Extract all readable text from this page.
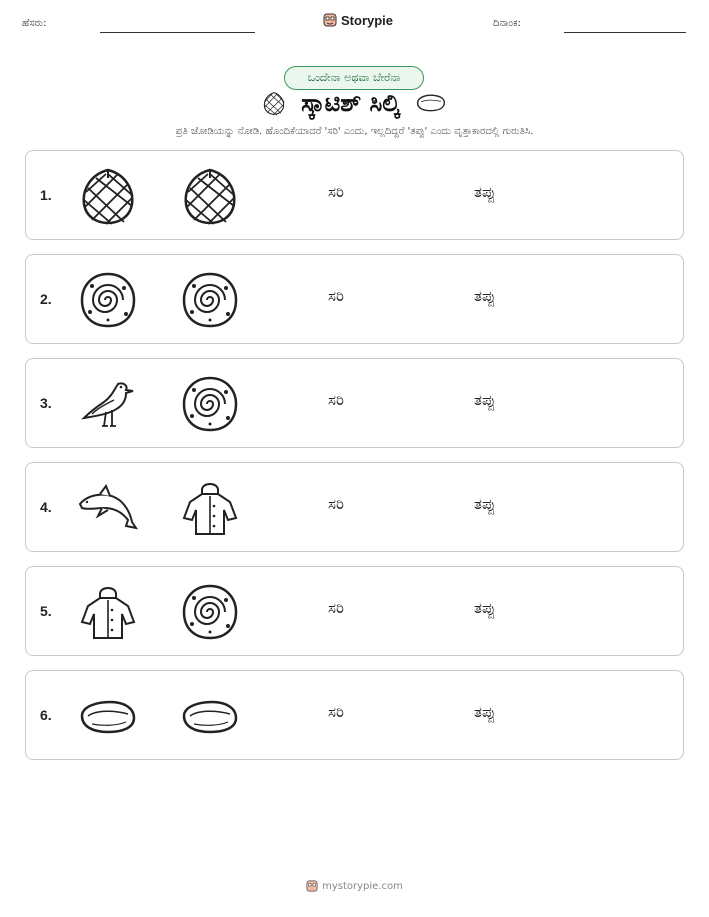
ಹೆಸರು:	Storypie	ದಿನಾಂಕ:
ಒಂದೇನಾ ಅಥವಾ ಬೇರೆನಾ
ಸ್ಕಾಟಿಶ್ ಸಿಲ್ಕಿ
ಪ್ರತಿ ಜೋಡಿಯನ್ನು ನೋಡಿ. ಹೊಂದಿಕೆಯಾದರೆ 'ಸರಿ' ಎಂದು, ಇಲ್ಲದಿದ್ದರೆ 'ತಪ್ಪು' ಎಂದು ವೃತ್ತಾಕಾರದಲ್ಲಿ ಗುರುತಿಸಿ.
1.	ಸರಿ	ತಪ್ಪು
2.	ಸರಿ	ತಪ್ಪು
3.	ಸರಿ	ತಪ್ಪು
4.	ಸರಿ	ತಪ್ಪು
5.	ಸರಿ	ತಪ್ಪು
6.	ಸರಿ	ತಪ್ಪು
mystorypie.com
